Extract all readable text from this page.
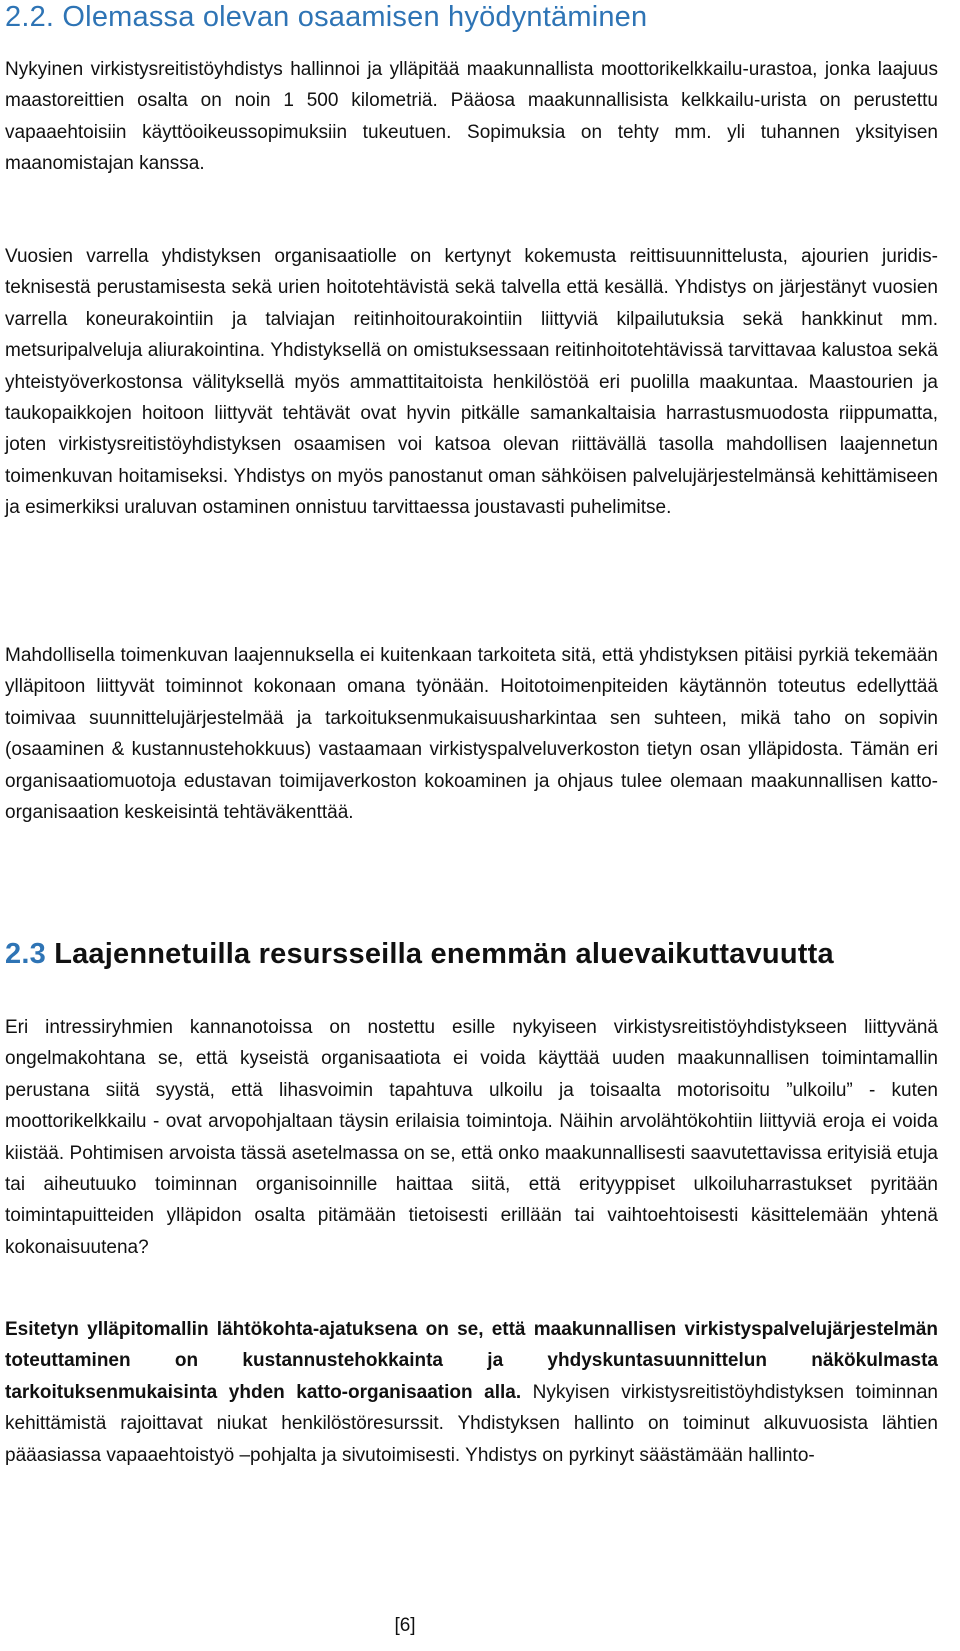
2.2. Olemassa olevan osaamisen hyödyntäminen

Nykyinen virkistysreitistöyhdistys hallinnoi ja ylläpitää maakunnallista moottorikelkkailu-urastoa, jonka laajuus maastoreittien osalta on noin 1 500 kilometriä. Pääosa maakunnallisista kelkkailu-urista on perustettu vapaaehtoisiin käyttöoikeussopimuksiin tukeutuen. Sopimuksia on tehty mm. yli tuhannen yksityisen maanomistajan kanssa.

Vuosien varrella yhdistyksen organisaatiolle on kertynyt kokemusta reittisuunnittelusta, ajourien juridis-teknisestä perustamisesta sekä urien hoitotehtävistä sekä talvella että kesällä. Yhdistys on järjestänyt vuosien varrella koneurakointiin ja talviajan reitinhoitourakointiin liittyviä kilpailutuksia sekä hankkinut mm. metsuripalveluja aliurakointina. Yhdistyksellä on omistuksessaan reitinhoitotehtävissä tarvittavaa kalustoa sekä yhteistyöverkostonsa välityksellä myös ammattitaitoista henkilöstöä eri puolilla maakuntaa. Maastourien ja taukopaikkojen hoitoon liittyvät tehtävät ovat hyvin pitkälle samankaltaisia harrastusmuodosta riippumatta, joten virkistysreitistöyhdistyksen osaamisen voi katsoa olevan riittävällä tasolla mahdollisen laajennetun toimenkuvan hoitamiseksi. Yhdistys on myös panostanut oman sähköisen palvelujärjestelmänsä kehittämiseen ja esimerkiksi uraluvan ostaminen onnistuu tarvittaessa joustavasti puhelimitse.

Mahdollisella toimenkuvan laajennuksella ei kuitenkaan tarkoiteta sitä, että yhdistyksen pitäisi pyrkiä tekemään ylläpitoon liittyvät toiminnot kokonaan omana työnään. Hoitotoimenpiteiden käytännön toteutus edellyttää toimivaa suunnittelujärjestelmää ja tarkoituksenmukaisuusharkintaa sen suhteen, mikä taho on sopivin (osaaminen & kustannustehokkuus) vastaamaan virkistyspalveluverkoston tietyn osan ylläpidosta. Tämän eri organisaatiomuotoja edustavan toimijaverkoston kokoaminen ja ohjaus tulee olemaan maakunnallisen katto-organisaation keskeisintä tehtäväkenttää.

2.3 Laajennetuilla resursseilla enemmän aluevaikuttavuutta

Eri intressiryhmien kannanotoissa on nostettu esille nykyiseen virkistysreitistöyhdistykseen liittyvänä ongelmakohtana se, että kyseistä organisaatiota ei voida käyttää uuden maakunnallisen toimintamallin perustana siitä syystä, että lihasvoimin tapahtuva ulkoilu ja toisaalta motorisoitu ”ulkoilu” - kuten moottorikelkkailu - ovat arvopohjaltaan täysin erilaisia toimintoja. Näihin arvolähtökohtiin liittyviä eroja ei voida kiistää. Pohtimisen arvoista tässä asetelmassa on se, että onko maakunnallisesti saavutettavissa erityisiä etuja tai aiheutuuko toiminnan organisoinnille haittaa siitä, että erityyppiset ulkoiluharrastukset pyritään toimintapuitteiden ylläpidon osalta pitämään tietoisesti erillään tai vaihtoehtoisesti käsittelemään yhtenä kokonaisuutena?

Esitetyn ylläpitomallin lähtökohta-ajatuksena on se, että maakunnallisen virkistyspalvelujärjestelmän toteuttaminen on kustannustehokkainta ja yhdyskuntasuunnittelun näkökulmasta tarkoituksenmukaisinta yhden katto-organisaation alla. Nykyisen virkistysreitistöyhdistyksen toiminnan kehittämistä rajoittavat niukat henkilöstöresurssit. Yhdistyksen hallinto on toiminut alkuvuosista lähtien pääasiassa vapaaehtoistyö –pohjalta ja sivutoimisesti. Yhdistys on pyrkinyt säästämään hallinto-

[6]
